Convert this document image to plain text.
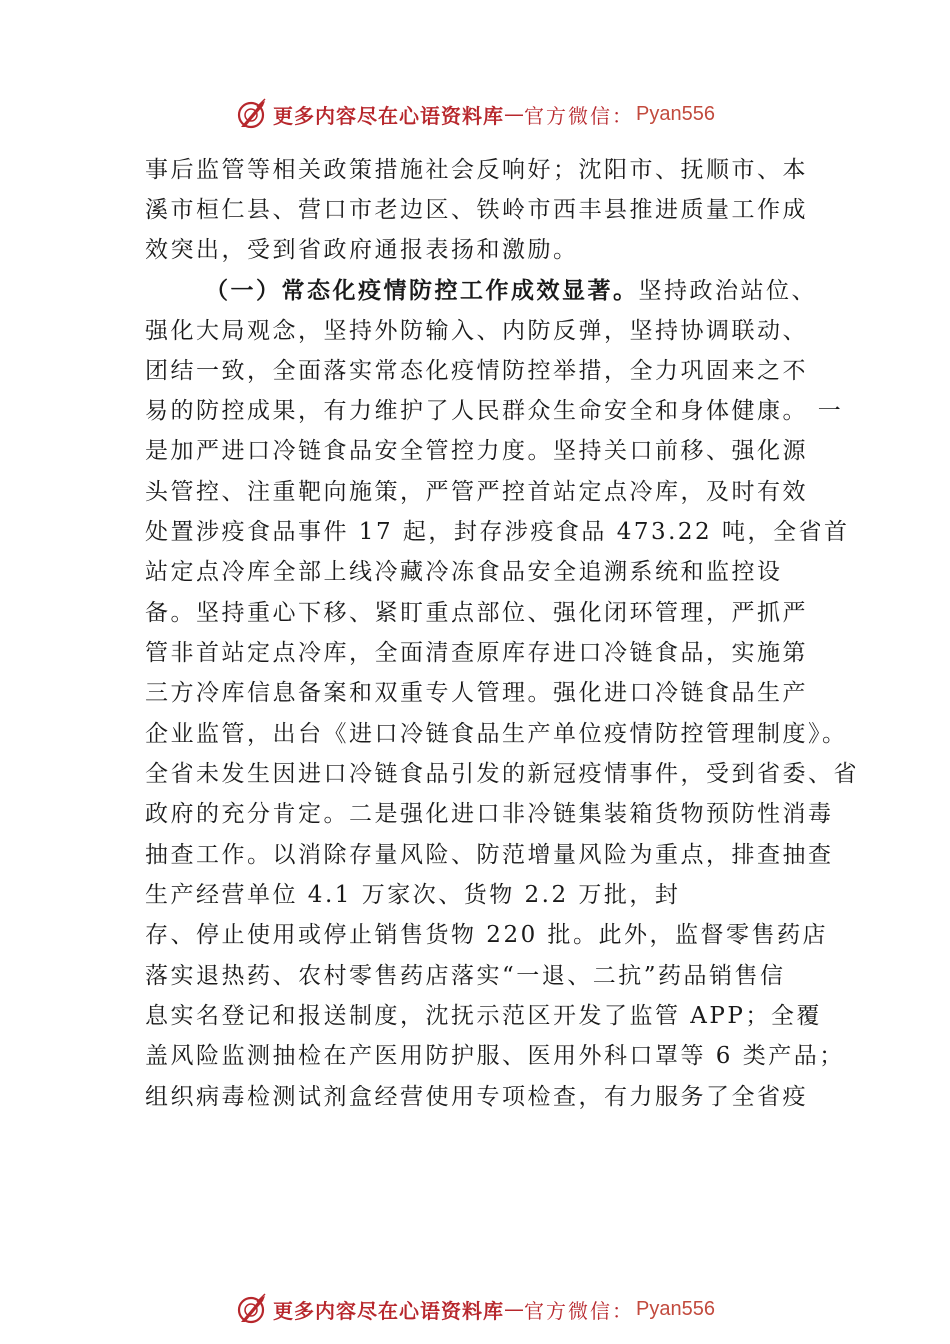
更多内容尽在心语资料库 — 官方微信： Pyan556
事后监管等相关政策措施社会反响好；沈阳市、抚顺市、本
溪市桓仁县、营口市老边区、铁岭市西丰县推进质量工作成
效突出，受到省政府通报表扬和激励。
（一）常态化疫情防控工作成效显著。坚持政治站位、
强化大局观念，坚持外防输入、内防反弹，坚持协调联动、
团结一致，全面落实常态化疫情防控举措，全力巩固来之不
易的防控成果，有力维护了人民群众生命安全和身体健康。 一
是加严进口冷链食品安全管控力度。坚持关口前移、强化源
头管控、注重靶向施策，严管严控首站定点冷库，及时有效
处置涉疫食品事件 17 起，封存涉疫食品 473.22 吨，全省首
站定点冷库全部上线冷藏冷冻食品安全追溯系统和监控设
备。坚持重心下移、紧盯重点部位、强化闭环管理，严抓严
管非首站定点冷库，全面清查原库存进口冷链食品，实施第
三方冷库信息备案和双重专人管理。强化进口冷链食品生产
企业监管，出台《进口冷链食品生产单位疫情防控管理制度》。
全省未发生因进口冷链食品引发的新冠疫情事件，受到省委、省
政府的充分肯定。二是强化进口非冷链集装箱货物预防性消毒
抽查工作。以消除存量风险、防范增量风险为重点，排查抽查
生产经营单位 4.1 万家次、货物 2.2 万批，封
存、停止使用或停止销售货物 220 批。此外，监督零售药店
落实退热药、农村零售药店落实“一退、二抗”药品销售信
息实名登记和报送制度，沈抚示范区开发了监管 APP；全覆
盖风险监测抽检在产医用防护服、医用外科口罩等 6 类产品；
组织病毒检测试剂盒经营使用专项检查，有力服务了全省疫
更多内容尽在心语资料库 — 官方微信： Pyan556
